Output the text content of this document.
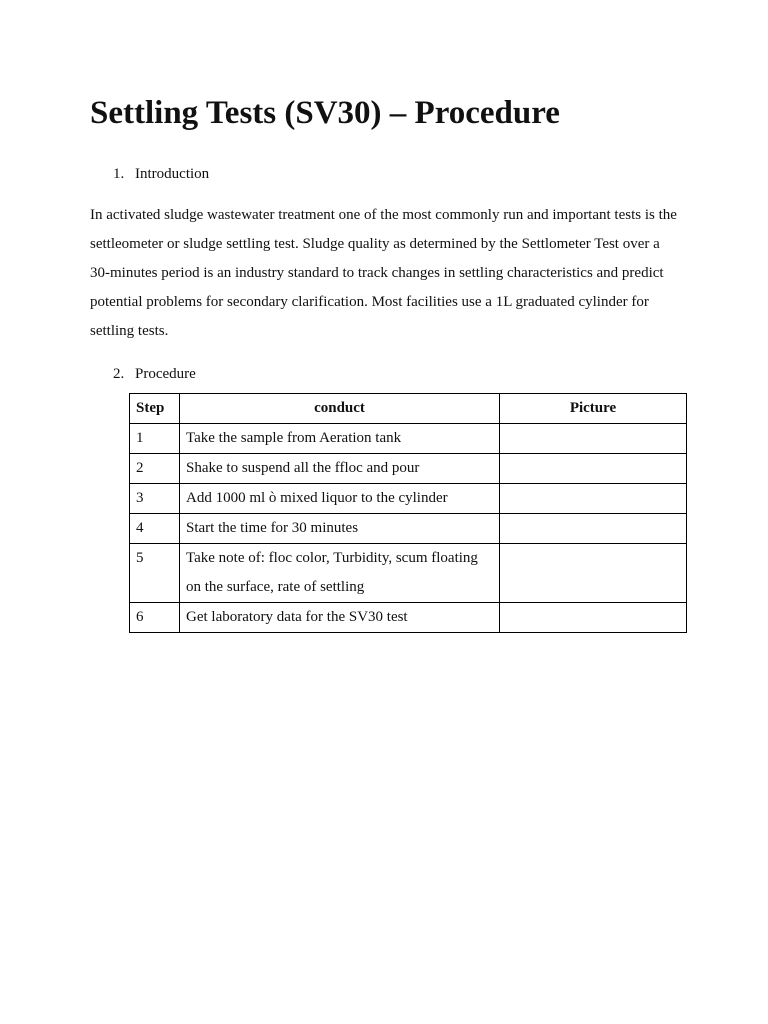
Settling Tests (SV30) – Procedure
1. Introduction

In activated sludge wastewater treatment one of the most commonly run and important tests is the settleometer or sludge settling test. Sludge quality as determined by the Settlometer Test over a 30-minutes period is an industry standard to track changes in settling characteristics and predict potential problems for secondary clarification. Most facilities use a 1L graduated cylinder for settling tests.

2. Procedure
Step	conduct	Picture
1	Take the sample from Aeration tank	
2	Shake to suspend all the ffloc and pour	
3	Add 1000 ml ò mixed liquor to the cylinder	
4	Start the time for 30 minutes	
5	Take note of: floc color, Turbidity, scum floating on the surface, rate of settling	
6	Get laboratory data for the SV30 test	
